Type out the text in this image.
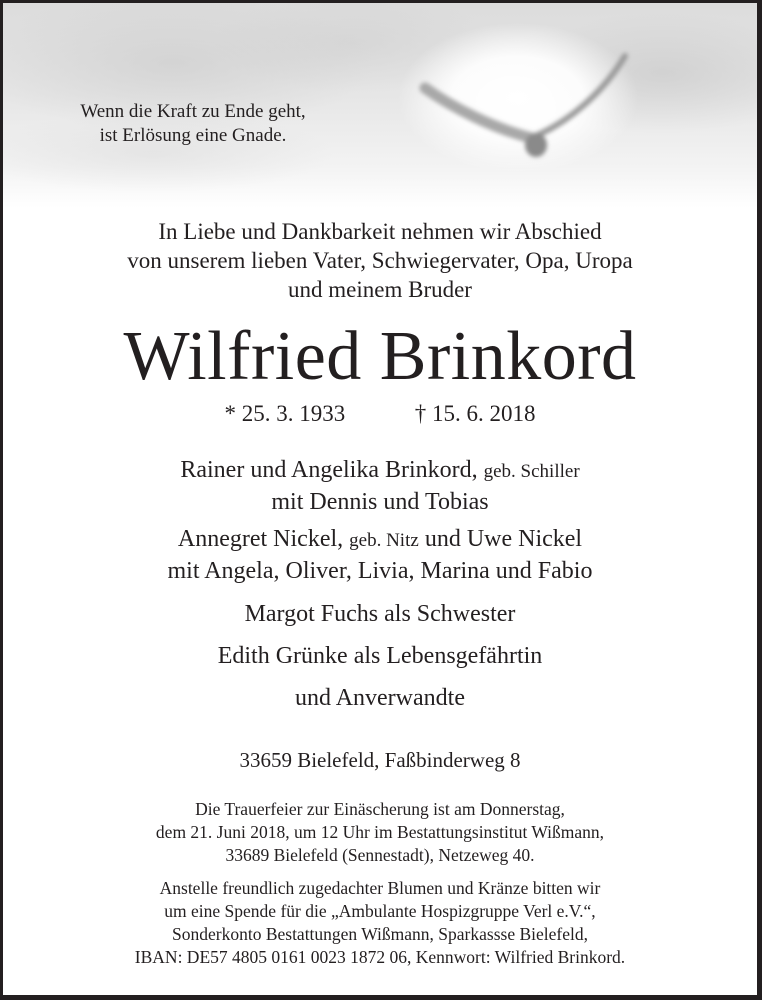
Wenn die Kraft zu Ende geht,
ist Erlösung eine Gnade.
In Liebe und Dankbarkeit nehmen wir Abschied
von unserem lieben Vater, Schwiegervater, Opa, Uropa
und meinem Bruder
Wilfried Brinkord
* 25. 3. 1933	† 15. 6. 2018
Rainer und Angelika Brinkord, geb. Schiller
mit Dennis und Tobias
Annegret Nickel, geb. Nitz und Uwe Nickel
mit Angela, Oliver, Livia, Marina und Fabio
Margot Fuchs als Schwester
Edith Grünke als Lebensgefährtin
und Anverwandte
33659 Bielefeld, Faßbinderweg 8
Die Trauerfeier zur Einäscherung ist am Donnerstag,
dem 21. Juni 2018, um 12 Uhr im Bestattungsinstitut Wißmann,
33689 Bielefeld (Sennestadt), Netzeweg 40.
Anstelle freundlich zugedachter Blumen und Kränze bitten wir
um eine Spende für die „Ambulante Hospizgruppe Verl e.V.“,
Sonderkonto Bestattungen Wißmann, Sparkassse Bielefeld,
IBAN: DE57 4805 0161 0023 1872 06, Kennwort: Wilfried Brinkord.
